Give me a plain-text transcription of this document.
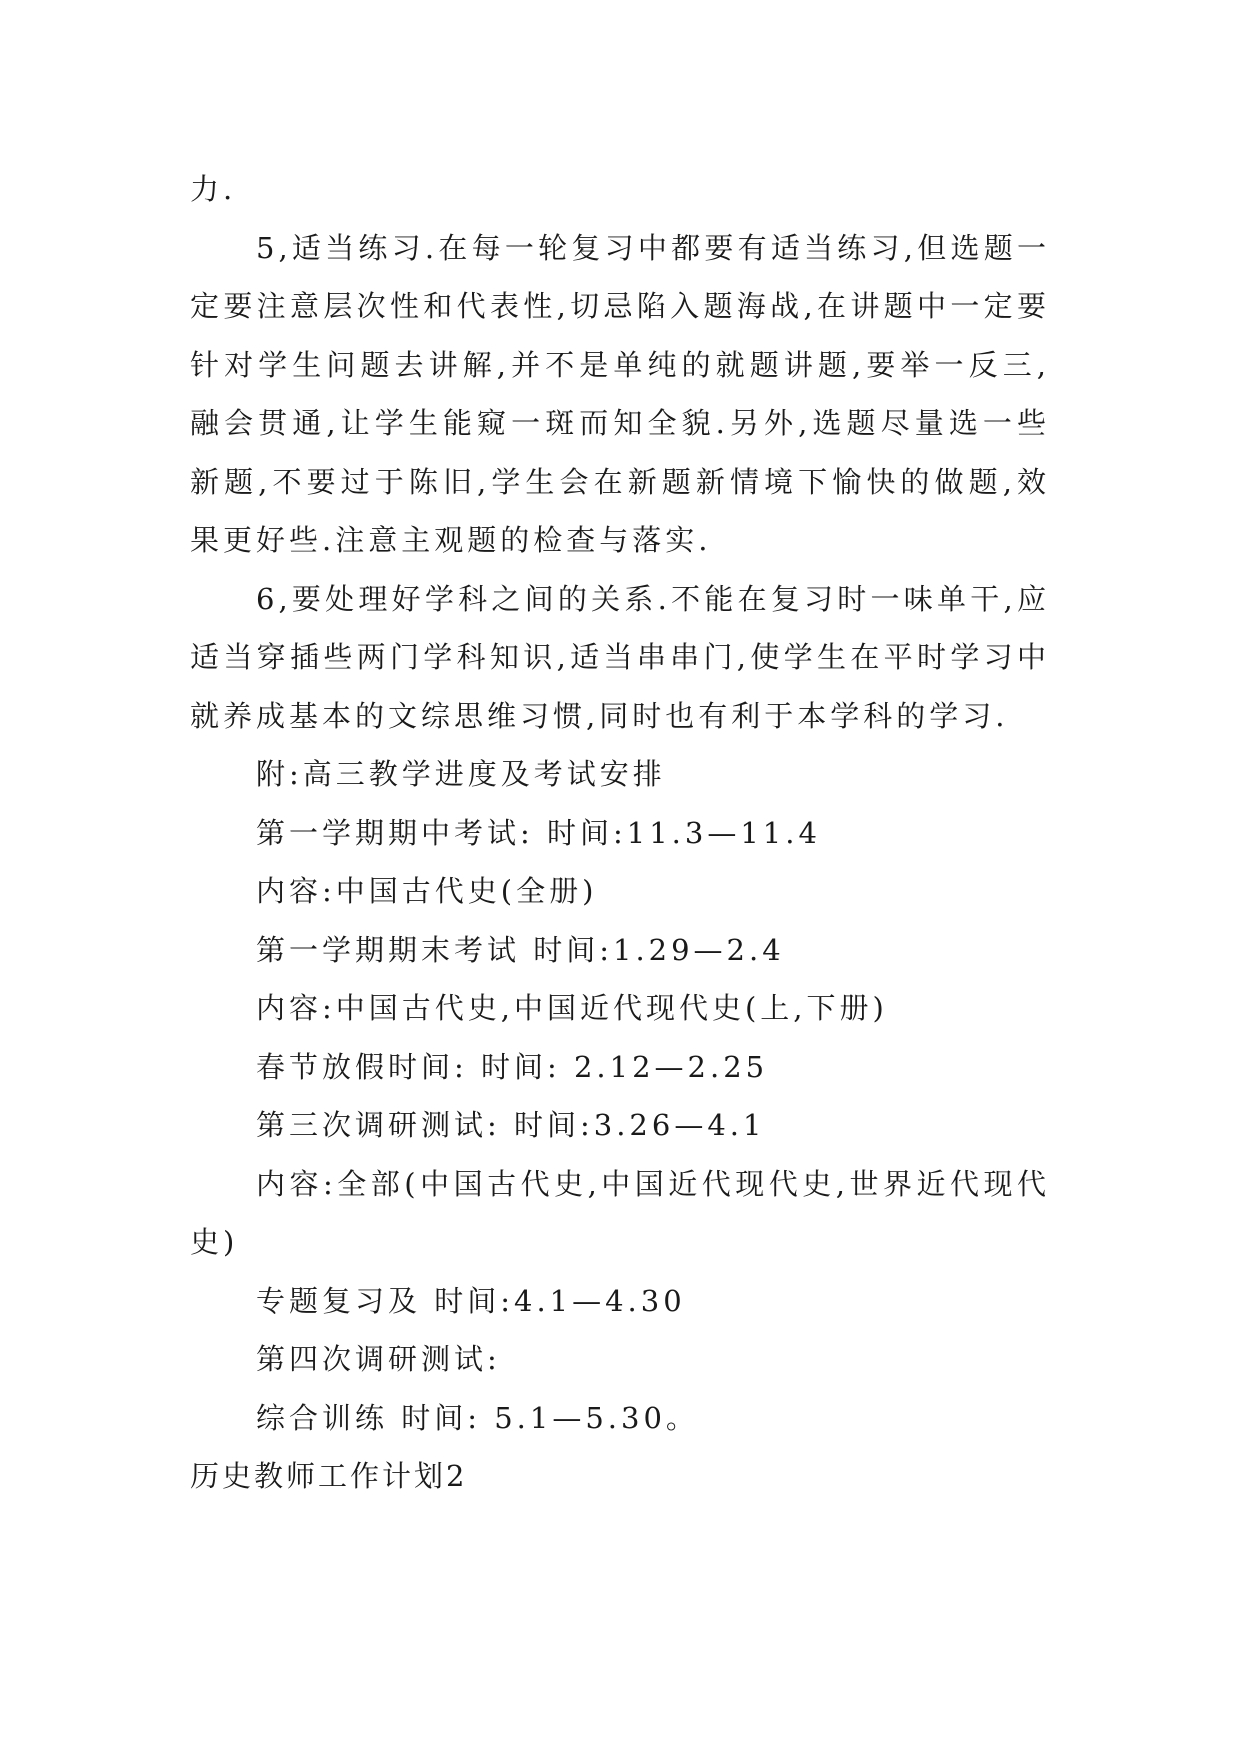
力.

5,适当练习.在每一轮复习中都要有适当练习,但选题一定要注意层次性和代表性,切忌陷入题海战,在讲题中一定要针对学生问题去讲解,并不是单纯的就题讲题,要举一反三,融会贯通,让学生能窥一斑而知全貌.另外,选题尽量选一些新题,不要过于陈旧,学生会在新题新情境下愉快的做题,效果更好些.注意主观题的检查与落实.

6,要处理好学科之间的关系.不能在复习时一味单干,应适当穿插些两门学科知识,适当串串门,使学生在平时学习中就养成基本的文综思维习惯,同时也有利于本学科的学习.

附:高三教学进度及考试安排

第一学期期中考试: 时间:11.3—11.4

内容:中国古代史(全册)

第一学期期末考试 时间:1.29—2.4

内容:中国古代史,中国近代现代史(上,下册)

春节放假时间: 时间: 2.12—2.25

第三次调研测试: 时间:3.26—4.1

内容:全部(中国古代史,中国近代现代史,世界近代现代史)

专题复习及 时间:4.1—4.30

第四次调研测试:

综合训练 时间: 5.1—5.30。

历史教师工作计划2
